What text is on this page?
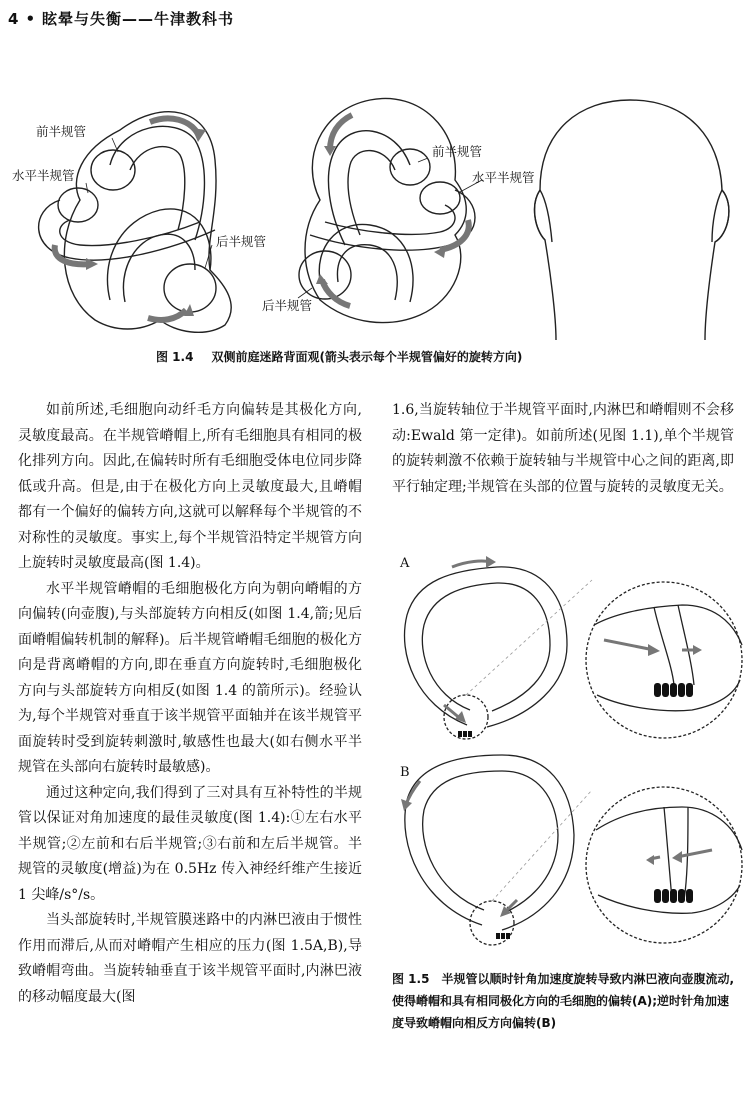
4 • 眩晕与失衡——牛津教科书
前半规管
水平半规管
后半规管
前半规管
水平半规管
后半规管
图 1.4 双侧前庭迷路背面观(箭头表示每个半规管偏好的旋转方向)

如前所述,毛细胞向动纤毛方向偏转是其极化方向,灵敏度最高。在半规管嵴帽上,所有毛细胞具有相同的极化排列方向。因此,在偏转时所有毛细胞受体电位同步降低或升高。但是,由于在极化方向上灵敏度最大,且嵴帽都有一个偏好的偏转方向,这就可以解释每个半规管的不对称性的灵敏度。事实上,每个半规管沿特定半规管方向上旋转时灵敏度最高(图 1.4)。

水平半规管嵴帽的毛细胞极化方向为朝向嵴帽的方向偏转(向壶腹),与头部旋转方向相反(如图 1.4,箭;见后面嵴帽偏转机制的解释)。后半规管嵴帽毛细胞的极化方向是背离嵴帽的方向,即在垂直方向旋转时,毛细胞极化方向与头部旋转方向相反(如图 1.4 的箭所示)。经验认为,每个半规管对垂直于该半规管平面轴并在该半规管平面旋转时受到旋转刺激时,敏感性也最大(如右侧水平半规管在头部向右旋转时最敏感)。

通过这种定向,我们得到了三对具有互补特性的半规管以保证对角加速度的最佳灵敏度(图 1.4):①左右水平半规管;②左前和右后半规管;③右前和左后半规管。半规管的灵敏度(增益)为在 0.5Hz 传入神经纤维产生接近 1 尖峰/s°/s。

当头部旋转时,半规管膜迷路中的内淋巴液由于惯性作用而滞后,从而对嵴帽产生相应的压力(图 1.5A,B),导致嵴帽弯曲。当旋转轴垂直于该半规管平面时,内淋巴液的移动幅度最大(图

1.6,当旋转轴位于半规管平面时,内淋巴和嵴帽则不会移动:Ewald 第一定律)。如前所述(见图 1.1),单个半规管的旋转刺激不依赖于旋转轴与半规管中心之间的距离,即平行轴定理;半规管在头部的位置与旋转的灵敏度无关。

A
B
图 1.5 半规管以顺时针角加速度旋转导致内淋巴液向壶腹流动,使得嵴帽和具有相同极化方向的毛细胞的偏转(A);逆时针角加速度导致嵴帽向相反方向偏转(B)
